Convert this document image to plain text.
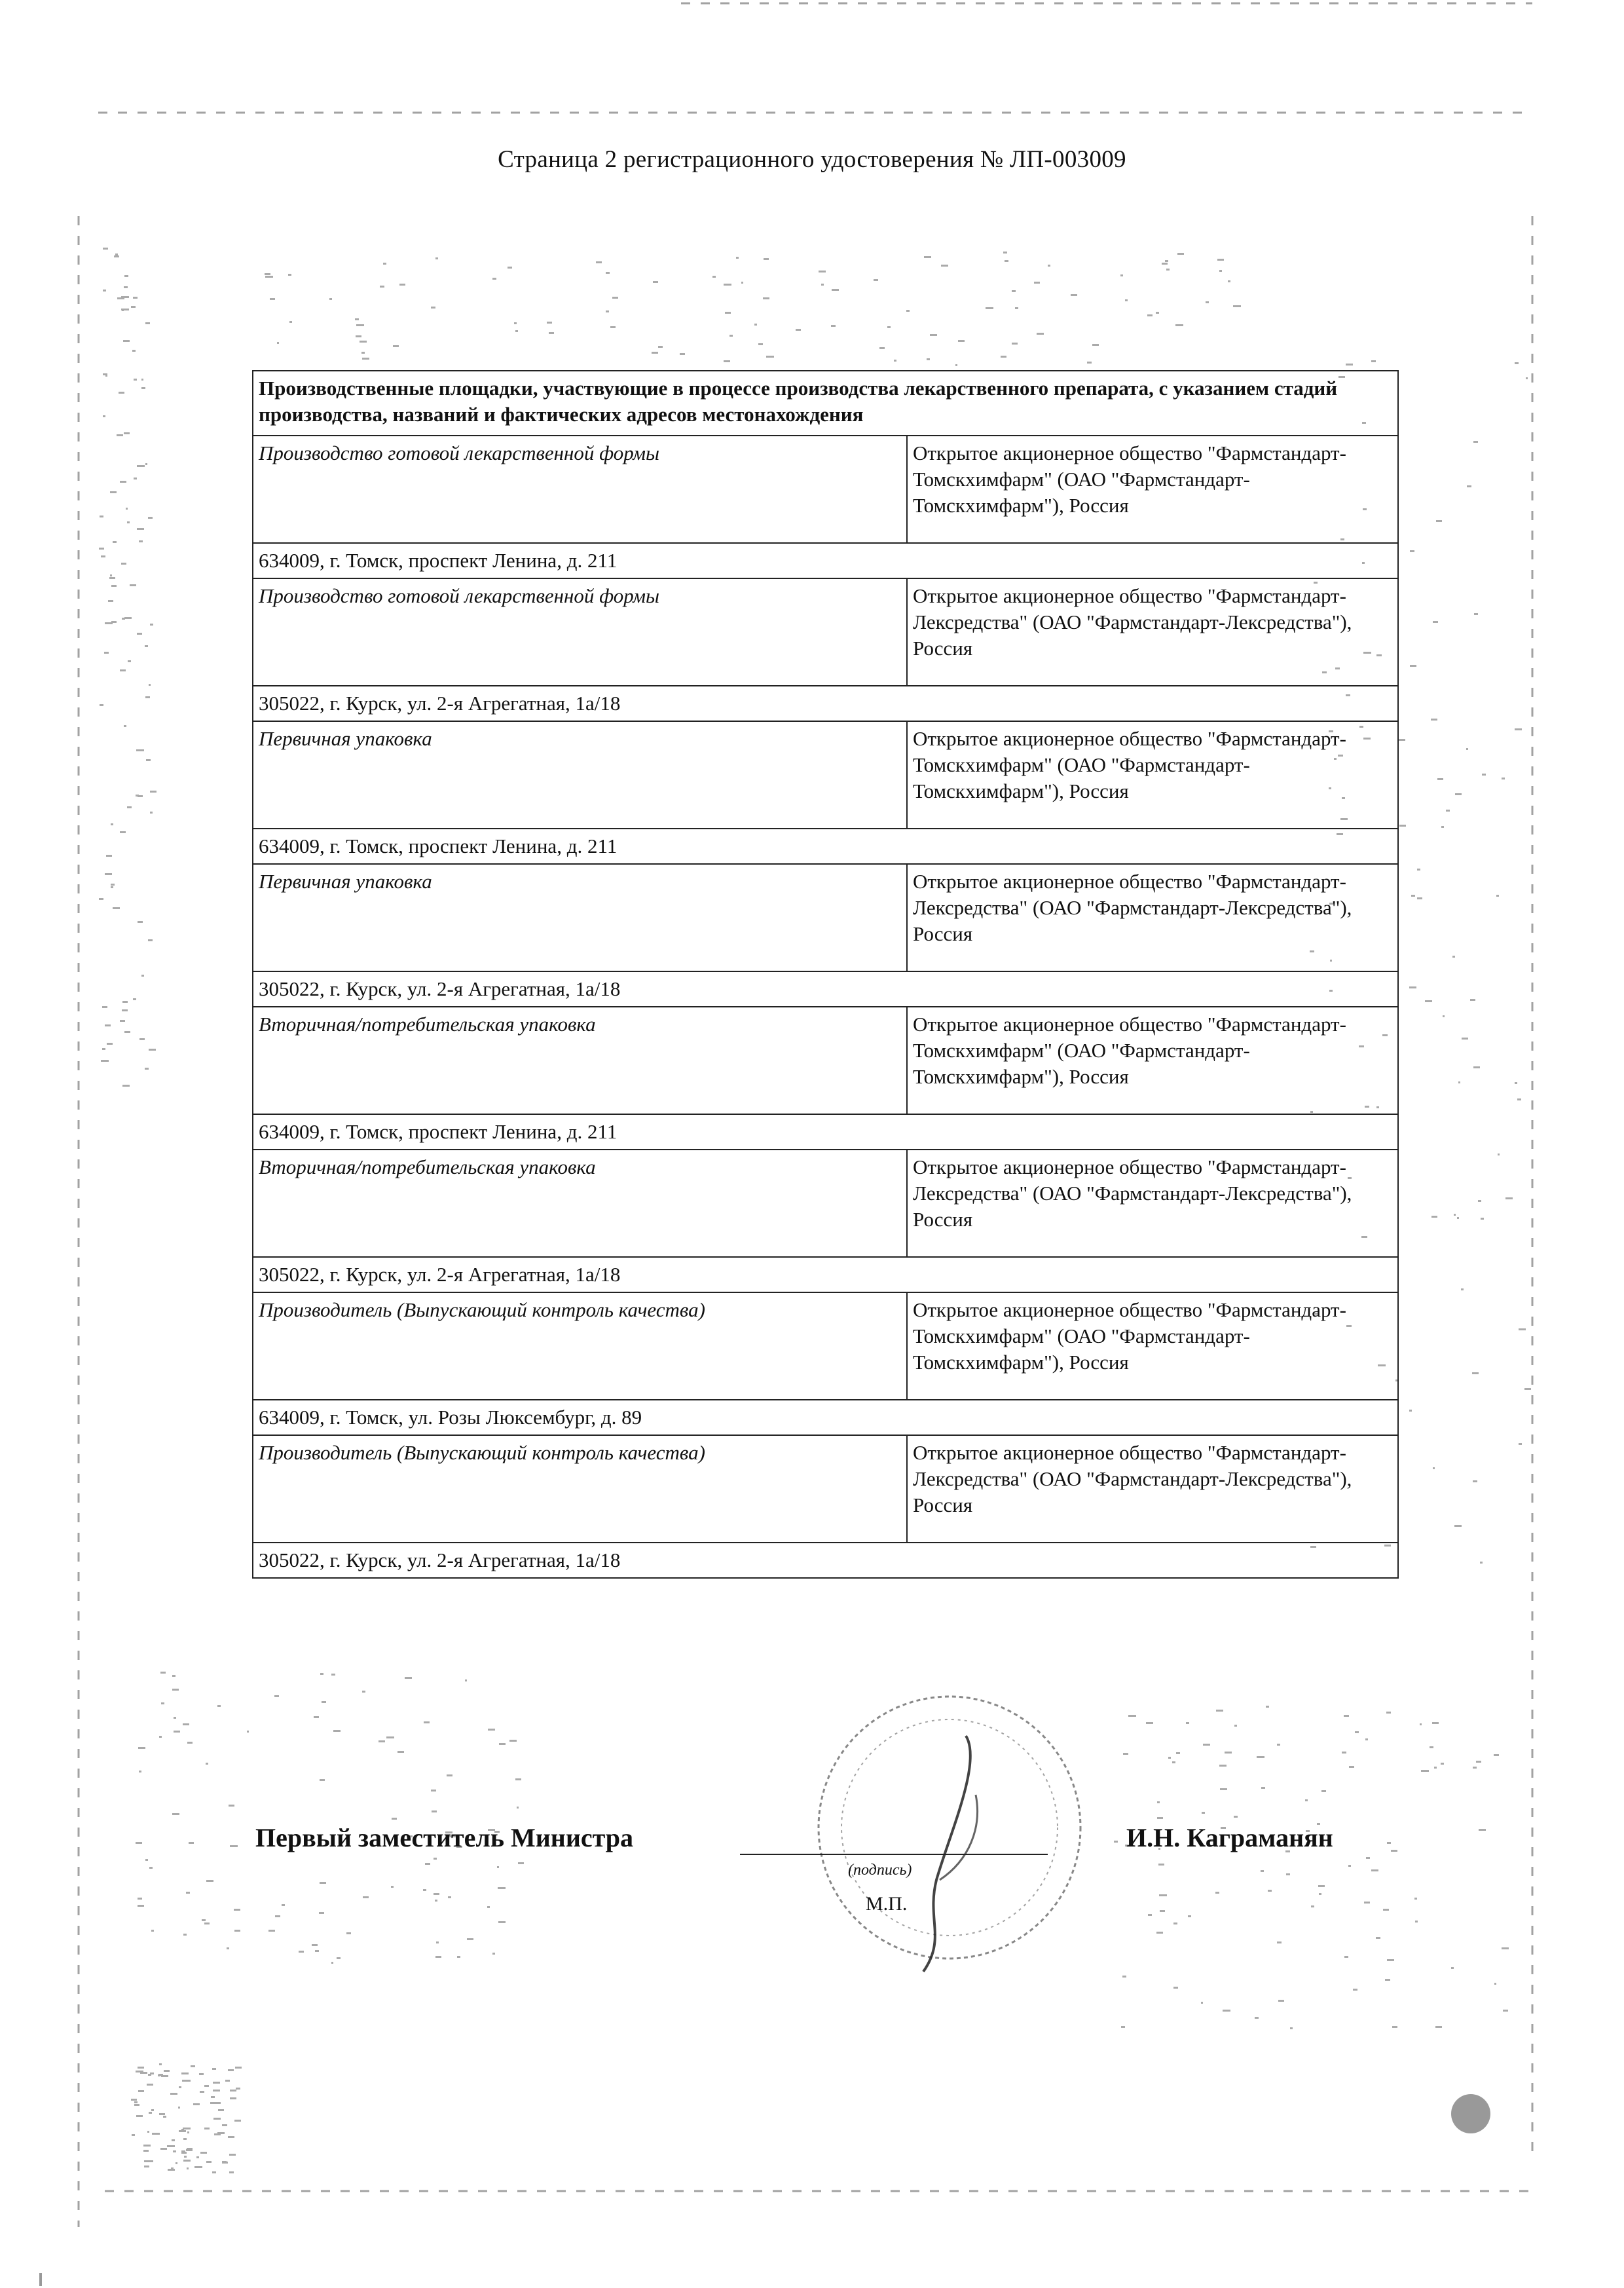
Страница 2 регистрационного удостоверения № ЛП-003009
Производственные площадки, участвующие в процессе производства лекарственного препарата, с указанием стадий производства, названий и фактических адресов местонахождения	
Производство готовой лекарственной формы	Открытое акционерное общество "Фармстандарт-Томскхимфарм" (ОАО "Фармстандарт-Томскхимфарм"), Россия
634009, г. Томск, проспект Ленина, д. 211	
Производство готовой лекарственной формы	Открытое акционерное общество "Фармстандарт-Лексредства" (ОАО "Фармстандарт-Лексредства"), Россия
305022, г. Курск, ул. 2-я Агрегатная, 1а/18	
Первичная упаковка	Открытое акционерное общество "Фармстандарт-Томскхимфарм" (ОАО "Фармстандарт-Томскхимфарм"), Россия
634009, г. Томск, проспект Ленина, д. 211	
Первичная упаковка	Открытое акционерное общество "Фармстандарт-Лексредства" (ОАО "Фармстандарт-Лексредства"), Россия
305022, г. Курск, ул. 2-я Агрегатная, 1а/18	
Вторичная/потребительская упаковка	Открытое акционерное общество "Фармстандарт-Томскхимфарм" (ОАО "Фармстандарт-Томскхимфарм"), Россия
634009, г. Томск, проспект Ленина, д. 211	
Вторичная/потребительская упаковка	Открытое акционерное общество "Фармстандарт-Лексредства" (ОАО "Фармстандарт-Лексредства"), Россия
305022, г. Курск, ул. 2-я Агрегатная, 1а/18	
Производитель (Выпускающий контроль качества)	Открытое акционерное общество "Фармстандарт-Томскхимфарм" (ОАО "Фармстандарт-Томскхимфарм"), Россия
634009, г. Томск, ул. Розы Люксембург, д. 89	
Производитель (Выпускающий контроль качества)	Открытое акционерное общество "Фармстандарт-Лексредства" (ОАО "Фармстандарт-Лексредства"), Россия
305022, г. Курск, ул. 2-я Агрегатная, 1а/18	
Первый заместитель Министра	И.Н. Каграманян
(подпись)
М.П.
